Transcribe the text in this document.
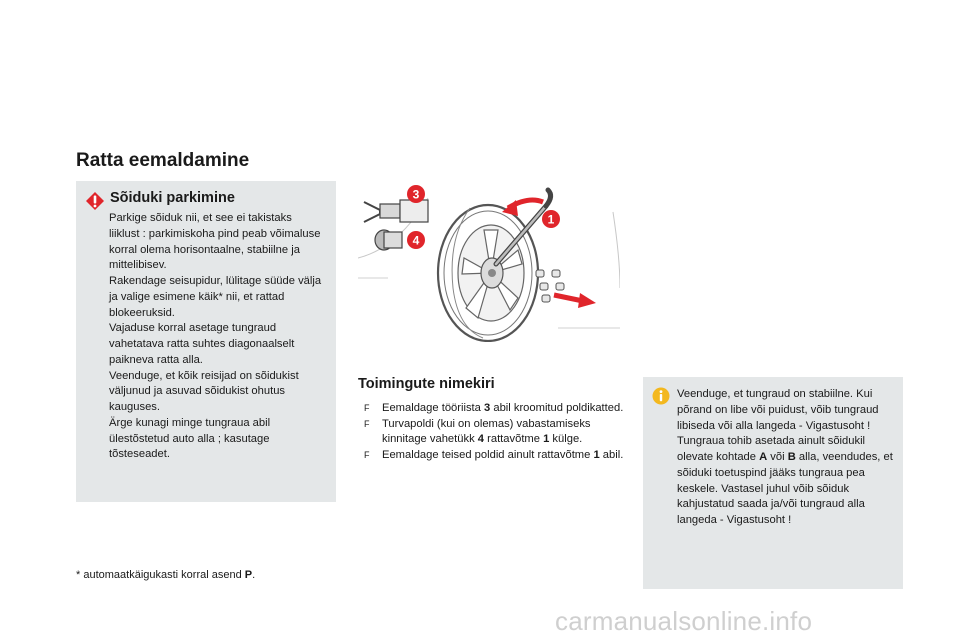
Ratta eemaldamine
Sõiduki parkimine

Parkige sõiduk nii, et see ei takistaks liiklust : parkimiskoha pind peab võimaluse korral olema horisontaalne, stabiilne ja mittelibisev.
Rakendage seisupidur, lülitage süüde välja ja valige esimene käik* nii, et rattad blokeeruksid.
Vajaduse korral asetage tungraud vahetatava ratta suhtes diagonaalselt paikneva ratta alla.
Veenduge, et kõik reisijad on sõidukist väljunud ja asuvad sõidukist ohutus kauguses.
Ärge kunagi minge tungraua abil ülestõstetud auto alla ; kasutage tõsteseadet.

* automaatkäigukasti korral asend P.
3
4
1
Toimingute nimekiri
F Eemaldage tööriista 3 abil kroomitud poldikatted.
F Turvapoldi (kui on olemas) vabastamiseks kinnitage vahetükk 4 rattavõtme 1 külge.
F Eemaldage teised poldid ainult rattavõtme 1 abil.

Veenduge, et tungraud on stabiilne. Kui põrand on libe või puidust, võib tungraud libiseda või alla langeda - Vigastusoht !
Tungraua tohib asetada ainult sõidukil olevate kohtade A või B alla, veendudes, et sõiduki toetuspind jääks tungraua pea keskele. Vastasel juhul võib sõiduk kahjustatud saada ja/või tungraud alla langeda - Vigastusoht !

carmanualsonline.info
